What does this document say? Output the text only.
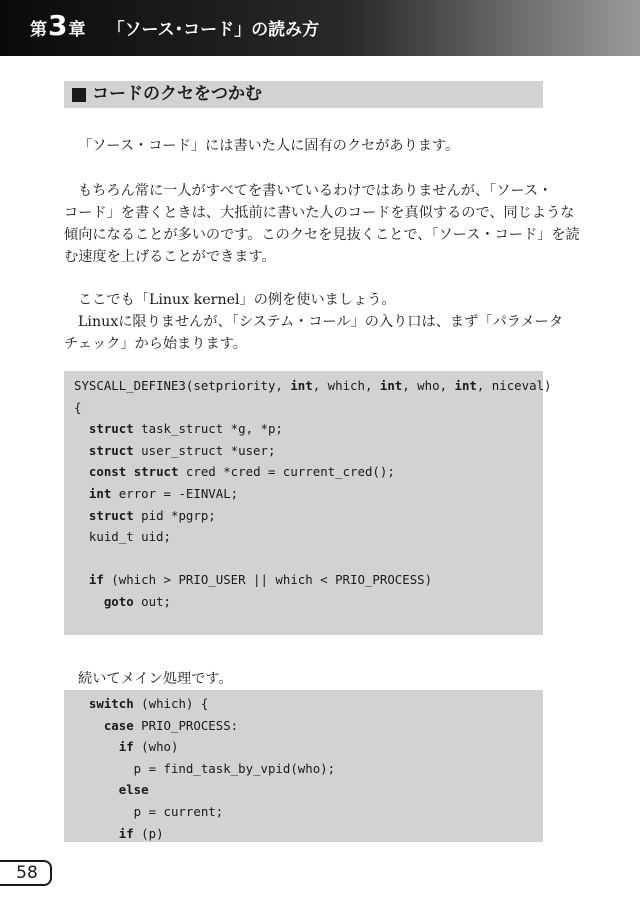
第 3 章 「ソース･コード」の読み方
コードのクセをつかむ

「ソース・コード」には書いた人に固有のクセがあります。

もちろん常に一人がすべてを書いているわけではありませんが、「ソース・
コード」を書くときは、大抵前に書いた人のコードを真似するので、同じような
傾向になることが多いのです。このクセを見抜くことで、「ソース・コード」を読
む速度を上げることができます。

ここでも「Linux kernel」の例を使いましょう。
Linuxに限りませんが、「システム・コール」の入り口は、まず「パラメータ
チェック」から始まります。

SYSCALL_DEFINE3(setpriority, int, which, int, who, int, niceval)
{
struct task_struct *g, *p;
struct user_struct *user;
const struct cred *cred = current_cred();
int error = -EINVAL;
struct pid *pgrp;
kuid_t uid;
if (which > PRIO_USER || which < PRIO_PROCESS)
goto out;

続いてメイン処理です。

switch (which) {
case PRIO_PROCESS:
if (who)
p = find_task_by_vpid(who);
else
p = current;
if (p)
58
